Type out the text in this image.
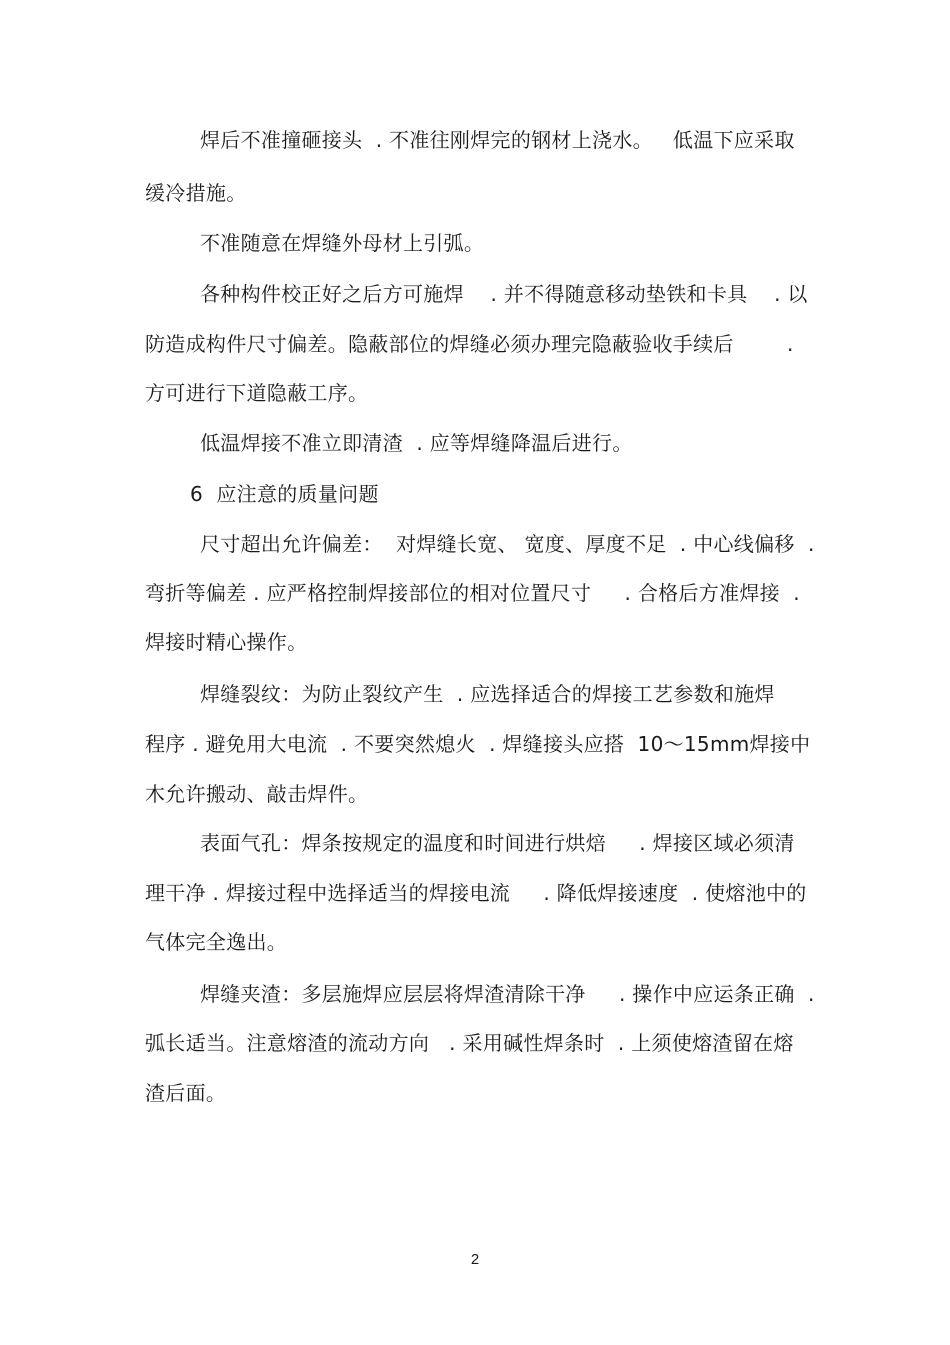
焊后不准撞砸接头  . 不准往刚焊完的钢材上浇水。   低温下应采取
缓冷措施。
不准随意在焊缝外母材上引弧。
各种构件校正好之后方可施焊    . 并不得随意移动垫铁和卡具    . 以
防造成构件尺寸偏差。隐蔽部位的焊缝必须办理完隐蔽验收手续后        .
方可进行下道隐蔽工序。
低温焊接不准立即清渣  . 应等焊缝降温后进行。
6  应注意的质量问题
尺寸超出允许偏差：  对焊缝长宽、 宽度、厚度不足  . 中心线偏移  .
弯折等偏差 . 应严格控制焊接部位的相对位置尺寸     . 合格后方准焊接  .
焊接时精心操作。
焊缝裂纹：为防止裂纹产生  . 应选择适合的焊接工艺参数和施焊
程序 . 避免用大电流  . 不要突然熄火  . 焊缝接头应搭  10～15mm焊接中
木允许搬动、敲击焊件。
表面气孔：焊条按规定的温度和时间进行烘焙     . 焊接区域必须清
理干净 . 焊接过程中选择适当的焊接电流     . 降低焊接速度  . 使熔池中的
气体完全逸出。
焊缝夹渣：多层施焊应层层将焊渣清除干净     . 操作中应运条正确  .
弧长适当。注意熔渣的流动方向   . 采用碱性焊条时  . 上须使熔渣留在熔
渣后面。
2
